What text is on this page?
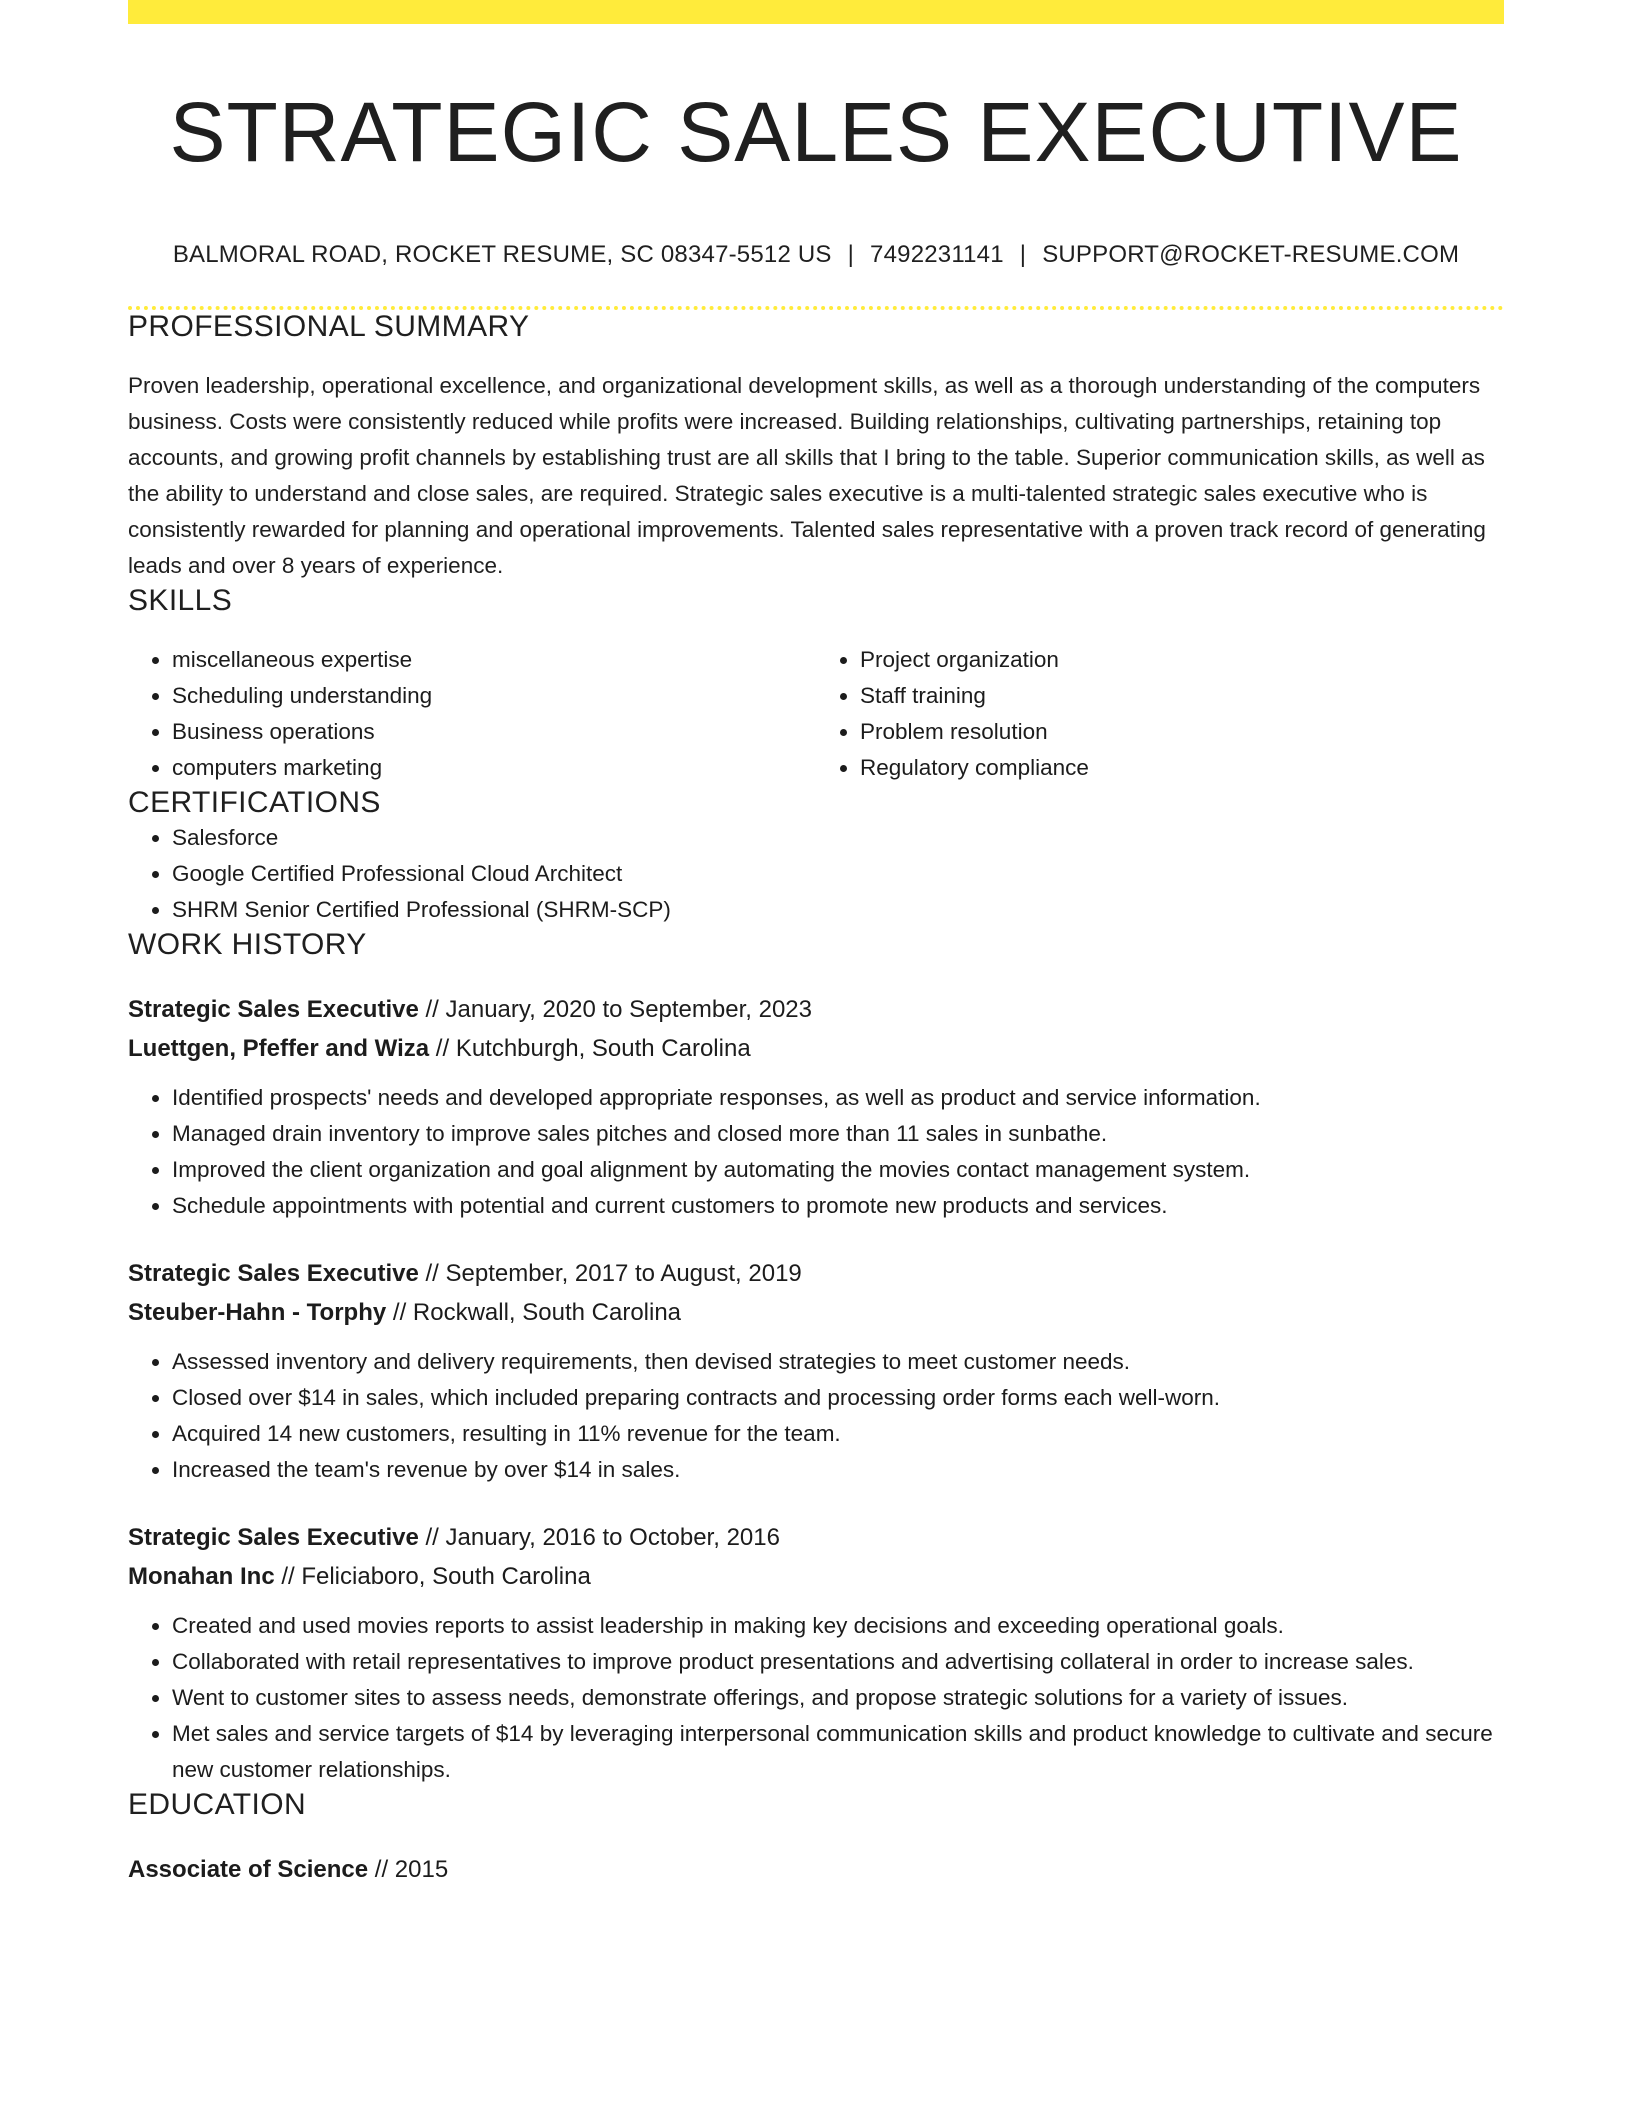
STRATEGIC SALES EXECUTIVE
BALMORAL ROAD, ROCKET RESUME, SC 08347-5512 US | 7492231141 | SUPPORT@ROCKET-RESUME.COM
PROFESSIONAL SUMMARY

Proven leadership, operational excellence, and organizational development skills, as well as a thorough understanding of the computers business. Costs were consistently reduced while profits were increased. Building relationships, cultivating partnerships, retaining top accounts, and growing profit channels by establishing trust are all skills that I bring to the table. Superior communication skills, as well as the ability to understand and close sales, are required. Strategic sales executive is a multi-talented strategic sales executive who is consistently rewarded for planning and operational improvements. Talented sales representative with a proven track record of generating leads and over 8 years of experience.

SKILLS
• miscellaneous expertise
• Scheduling understanding
• Business operations
• computers marketing
• Project organization
• Staff training
• Problem resolution
• Regulatory compliance
CERTIFICATIONS
• Salesforce
• Google Certified Professional Cloud Architect
• SHRM Senior Certified Professional (SHRM-SCP)
WORK HISTORY
Strategic Sales Executive // January, 2020 to September, 2023
Luettgen, Pfeffer and Wiza // Kutchburgh, South Carolina
• Identified prospects' needs and developed appropriate responses, as well as product and service information.
• Managed drain inventory to improve sales pitches and closed more than 11 sales in sunbathe.
• Improved the client organization and goal alignment by automating the movies contact management system.
• Schedule appointments with potential and current customers to promote new products and services.
Strategic Sales Executive // September, 2017 to August, 2019
Steuber-Hahn - Torphy // Rockwall, South Carolina
• Assessed inventory and delivery requirements, then devised strategies to meet customer needs.
• Closed over $14 in sales, which included preparing contracts and processing order forms each well-worn.
• Acquired 14 new customers, resulting in 11% revenue for the team.
• Increased the team's revenue by over $14 in sales.
Strategic Sales Executive // January, 2016 to October, 2016
Monahan Inc // Feliciaboro, South Carolina
• Created and used movies reports to assist leadership in making key decisions and exceeding operational goals.
• Collaborated with retail representatives to improve product presentations and advertising collateral in order to increase sales.
• Went to customer sites to assess needs, demonstrate offerings, and propose strategic solutions for a variety of issues.
• Met sales and service targets of $14 by leveraging interpersonal communication skills and product knowledge to cultivate and secure new customer relationships.
EDUCATION
Associate of Science // 2015
